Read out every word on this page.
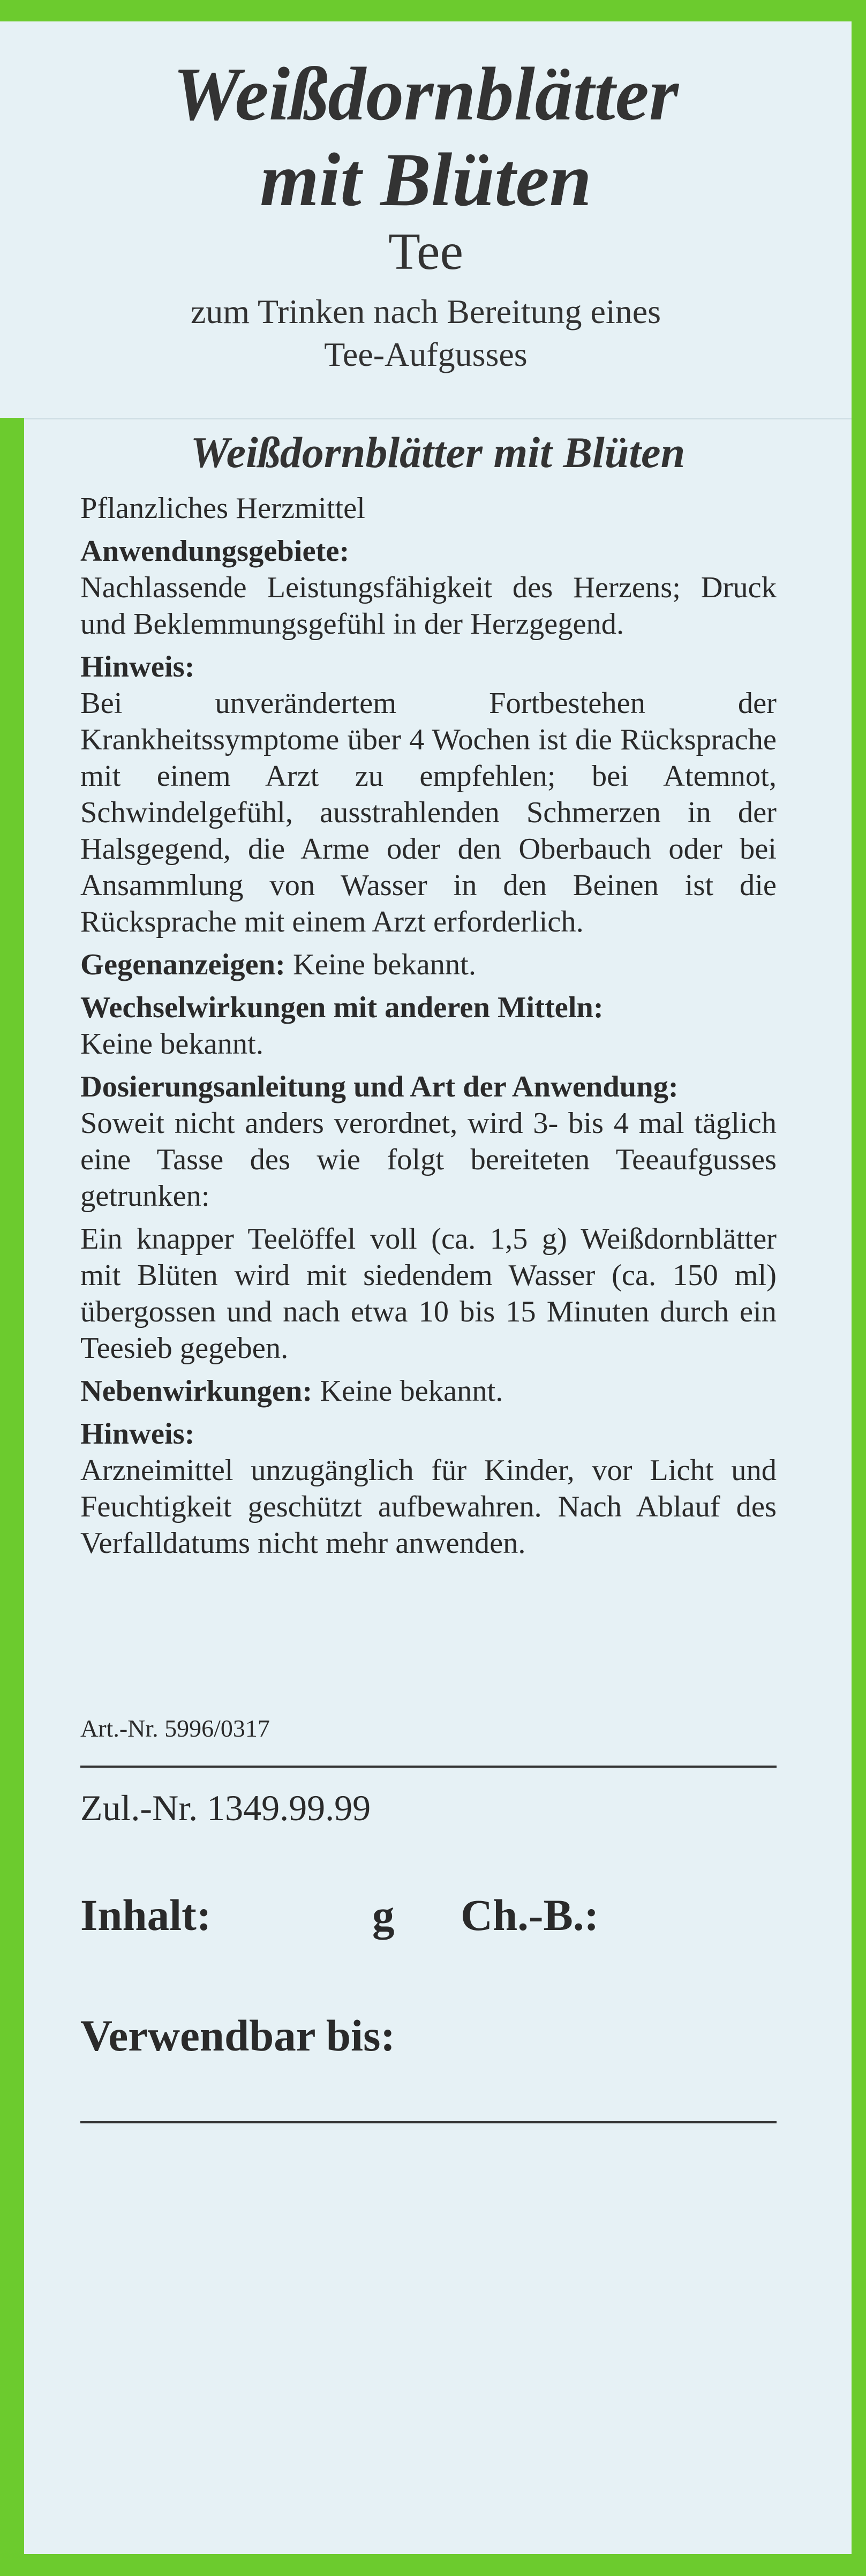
Weißdornblätter
mit Blüten
Tee
zum Trinken nach Bereitung eines
Tee-Aufgusses
Weißdornblätter mit Blüten

Pflanzliches Herzmittel

Anwendungsgebiete:

Nachlassende Leistungsfähigkeit des Herzens; Druck und Beklemmungsgefühl in der Herzgegend.

Hinweis:

Bei unverändertem Fortbestehen der Krankheitssymptome über 4 Wochen ist die Rücksprache mit einem Arzt zu empfehlen; bei Atemnot, Schwindelgefühl, ausstrahlenden Schmerzen in der Halsgegend, die Arme oder den Oberbauch oder bei Ansammlung von Wasser in den Beinen ist die Rücksprache mit einem Arzt erforderlich.

Gegenanzeigen: Keine bekannt.

Wechselwirkungen mit anderen Mitteln:

Keine bekannt.

Dosierungsanleitung und Art der Anwendung:

Soweit nicht anders verordnet, wird 3- bis 4 mal täglich eine Tasse des wie folgt bereiteten Teeaufgusses getrunken:

Ein knapper Teelöffel voll (ca. 1,5 g) Weißdornblätter mit Blüten wird mit siedendem Wasser (ca. 150 ml) übergossen und nach etwa 10 bis 15 Minuten durch ein Teesieb gegeben.

Nebenwirkungen: Keine bekannt.

Hinweis:

Arzneimittel unzugänglich für Kinder, vor Licht und Feuchtigkeit geschützt aufbewahren. Nach Ablauf des Verfalldatums nicht mehr anwenden.

Art.-Nr. 5996/0317
Zul.-Nr. 1349.99.99
Inhalt:	g Ch.-B.:
Verwendbar bis:
